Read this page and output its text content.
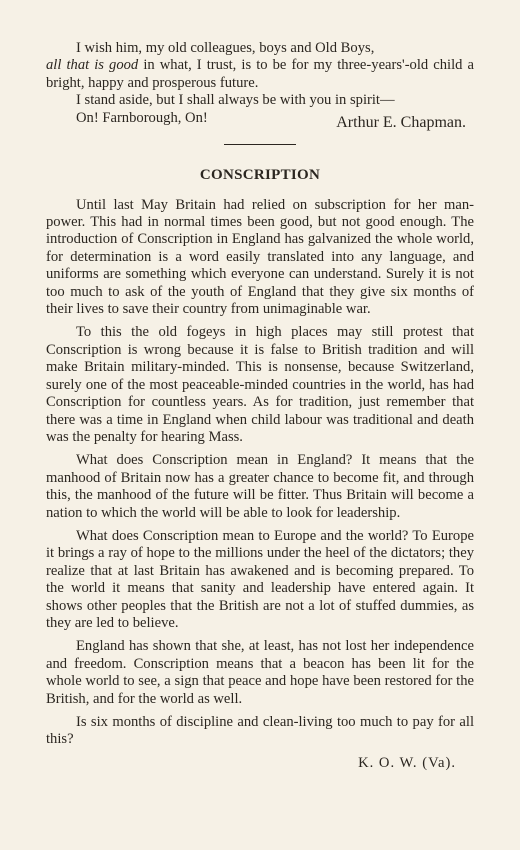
I wish him, my old colleagues, boys and Old Boys,
all that is good in what, I trust, is to be for my three-years'-old child a bright, happy and prosperous future.

I stand aside, but I shall always be with you in spirit—

Arthur E. Chapman.

On! Farnborough, On!

CONSCRIPTION

Until last May Britain had relied on subscription for her man-power. This had in normal times been good, but not good enough. The introduction of Conscription in England has galvanized the whole world, for determination is a word easily translated into any language, and uniforms are something which everyone can understand. Surely it is not too much to ask of the youth of England that they give six months of their lives to save their country from unimaginable war.

To this the old fogeys in high places may still protest that Conscription is wrong because it is false to British tradition and will make Britain military-minded. This is nonsense, because Switzerland, surely one of the most peaceable-minded countries in the world, has had Conscription for countless years. As for tradition, just remember that there was a time in England when child labour was traditional and death was the penalty for hearing Mass.

What does Conscription mean in England? It means that the manhood of Britain now has a greater chance to become fit, and through this, the manhood of the future will be fitter. Thus Britain will become a nation to which the world will be able to look for leadership.

What does Conscription mean to Europe and the world? To Europe it brings a ray of hope to the millions under the heel of the dictators; they realize that at last Britain has awakened and is becoming prepared. To the world it means that sanity and leadership have entered again. It shows other peoples that the British are not a lot of stuffed dummies, as they are led to believe.

England has shown that she, at least, has not lost her independence and freedom. Conscription means that a beacon has been lit for the whole world to see, a sign that peace and hope have been restored for the British, and for the world as well.

Is six months of discipline and clean-living too much to pay for all this?

K. O. W. (Va).
